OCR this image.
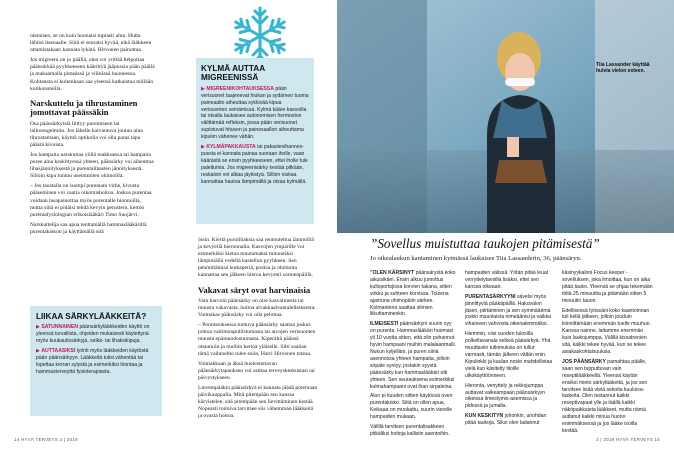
olemisen, se on kuin huonaisi tuplasti alun. Hutta lähtisi lisenaalle. Siitä ei seuraisi hyvää, eikä lääkkeen ottamistakaan kannata lykätä. Hirvonen painottaa.

Jos migreeni on jo päällä, olea voi yrittää helpottaa päänsärkää pyyhkeeseen käärittyä jääpussia pään päällä ja makaamalla pimeässä ja viileässä huoneessa. Kohtausta ei kuitenkaan saa yleensä katkaistua millään kotikonsteilla.

Narskuttelu ja tihrustaminen jomottavat päässäkin

Osa päänsärkyistä liittyy puremiseen tai tailtoongelmiin. Jos lähelle kaivautuva joutuu aina tihrustamaan, käyntä optikolla voi olla paras tapa päästä kivuista.

Jos hampaita narskuttaa yöllä makkuessa tai hampaita puree aina keskittyessä yhteen, päänsärky voi aiheuttua lihasjännityksestä ja purentalihasten jännityksestä. Silloin kipu tuntuu useimmiten ohimoilla.

– Jos taustalla on isompi purennan virhe, kivusta pääseminen voi vaatia oikomishoitoa. Joskus purentaa voidaan tasapainottaa myös purentalle hionnoilla, mutta siitä ei pidäisi tehdä kevyin perustein, kertoo purentafysiologian erikoislääkäri Timo Suojärvi.

Narskuttelija saa apua tenttamällä hammaslääkäriltä purentakiskon ja käyttämällä sitä

LIIKAA SÄRKYLÄÄKKEITÄ?

▶ SATUNNAINEN päänsärkylääkkeiden käyttö on yleensä turvallista, ohjeiden mukaisesti käytettynä myös kuukautissärkyjä, selkä- tai lihaksikipuja.

▶ AUTTAASIKSI lyönti myös lääkkeiden käytöstä pään päänsärkyyn. Lääkkeitä tulisi vähentää tai lopettaa kerran sylystä ja esimerkiksi hiontaa ja hammasterveyttä fysioterapiasta.

KYLMÄ AUTTAA MIGREENISSÄ

▶ MIGREENIKOHTAUKSESSA pään verisuonet laajenevat hiukan ja sydämen tuoma paineaalto aiheuttaa sykkivää kipua verisuonten seinämissä. Kylmä kääre kasvoilla tai otsalla laukaisee autonomisen hermoston välittämää refleksin, jossa pään verisuonet supistuvat hitusen ja painesaallon aiheuttama kipukin vähenee vähän.

▶ KYLMÄPAKKAUSTA tai pakastevihannespussia ei kannata painaa suoraan iholle, vaan käärästä se ensin pyyhkeeseen, ettei iholle tule paleltumia. Jos migreenisärky kestää pitkään, reskaloin voi alkaa jäykistyä. Silloin niskaa kannattaa hautoa lämpimällä ja otsaa kylmällä.

öisin. Kiertä purulihaksia saa rentoutettua lämmöllä ja kevyellä hieronnalla. Kasvojen ympärille voi esimerkiksi kietoa muutamaksi minuutiksi lämpimällä vedellä kastellun pyyhkeen. Sen pehmittämisä leukaperiä, poskia ja ohimoita kannattaa sen jälkeen hieroa kevyesti sormenpäillä.

Vakavat säryt ovat harvinaisia

Vain harvoin päänsärky on oire kasvaimesta tai muusta vakavasta, hoitoa alvakkaalvantalelleiksesta. Voimakas päänsärky voi olla pelottaa.

– Ponnistuksessa tuntuva päänsärky saattaa joskus johtua valtimonpullistumasta tai aivojen verisuonten muusta epämuodostumasta. Kiperältä päänsä ottaumiin ja muihin kertoa yläiselle. Silti saalian tämä vaihtoehto tulee esiin, Harri Hirvonen toteaa.

Voimakkaan ja äkeä huolestuttavan päänsärkytapauksen voi saittaa terveyskeskustasi tai päivystykseen.

Lievempääkin päänsärkyä ei kannata jäädä potemaan päivikauppalla. Mitä pitempään sen kanssa kärvistelee, sitä pitempään sen lievittäminen kestää. Nopeasti toimiva tarvitsee siis vähemmän lääkkeitä ja ovasta hoitoa.

14 HYVÄ TERVEYS 2 | 2019
Tiia Lassander käyttää huivia vielon esteen.
”Sovellus muistuttaa taukojen pitämisestä”
Jo oikealaukun kantaminen kytmässä laukaisee Tiia Lassanderin, 36, päänsäryn.

”OLEN KÄRSINYT päänsärystä koko aikuisikäni. Ensin alkuu jumottus kulloportojissa korvien takana, sitten virkku ja suhteen korvissa. Toisena ajamuna ohimopäiin särkee. Kolmantena saattaa silmien liikuttaminenkin.

ILMEISESTI päänsärkyni suurin syy on purenta. Hammaslääkäri huomasi yli 10 vuotta sitten, että olin puhannut hyvin hampaani muihin malalaanmalli. Nukun kyljelläni, ja puren siinä asennossa yhteen hampaita, jolloin sirpale syntyy, jostakin syystä päänsärky kun hammaslääkäri otti yhteen. Sen seurauksena esimerkiksi kulmahampaani ovat ihan sirpaleina.

Alun pi kuuden siitten käytössä oven purentakisko. Siitä on ollen apua, Keikaaa on muokattu, suurin vierelle hampaiden mukaan.

Välillä tarvitsen purentalisakkeen pitkäliksi hoitoja kallisiin asentoihin.

hampaiden välissä. Yritän pitää leuat verryttelytavoilla lisäksi, ettei sen kanssa oikeaan.

PURENTASÄRKYYNI sävelsi myös jännittyviä pääkäpäillä. Hakuvalon jäsen, piirtäminen ja sen symmäärimä joskin muunlaista nimeäänisi ja vaikka vihaineen vahvosta oikenalemmäksi.

Hiemmin, viisi vuoden tulosilla polkeltavanala selkeä pääsärkyä. Yhä muuttaviin tutkimuksia on tullut varmasti, tämän jälkeen vältän enin. Kipulinkki ja kaulan nosto mahdollistaa vielä kun käsitelty tiloille ulkokäyttöönneen.

Hieronta, venyttely ja rekkojumppa auttavat vaikeampaan päänsärkyyn oikeissa ilmestymis-asemissa ja pidossä ja jumalla.

KUN KESKITYN johonkin, unohdan pitää taukoja. Siksi olen ladannut

käsinyykaloni Focus keeper -sovelluksen, joka ilmoittaa, kun on aika pitää tauko. Yleensä se ohjaa tekemään töitä 25 minuuttia ja pitämään sitten 5 minuutin tauon.

Edellisessä työssäni koko kaantoinnan tuli kellä jälkeen, jolloin jouduin kiinnittämään enemmän tuelle muuhun. Kanssa nainne, laitamme enemmän kuin laukojumppa. Välillä kissatrenien sitä, kaikki tekee hyvää, kun se tekee asiakaskohtaisuuksia.

JOS PÄÄNSÄRKY pamahtaa päälle, saan sen tupputtuvan vain reseptilääkkeellä. Yleensä käytän ensiksi mieto särkylääkettä, ja jos sen tarvitsee lisää vielä sekoita kuuluisa-laskeita. Olen testannut kaikki reseptivapaat ylle ja täällä kaikki näköpaikkaista lääkkeet, mutta nämä auttanut kaikki minua huono enimmäksessä ja jos lääke isoilla kestää.

2 | 2019 HYVÄ TERVEYS 15
